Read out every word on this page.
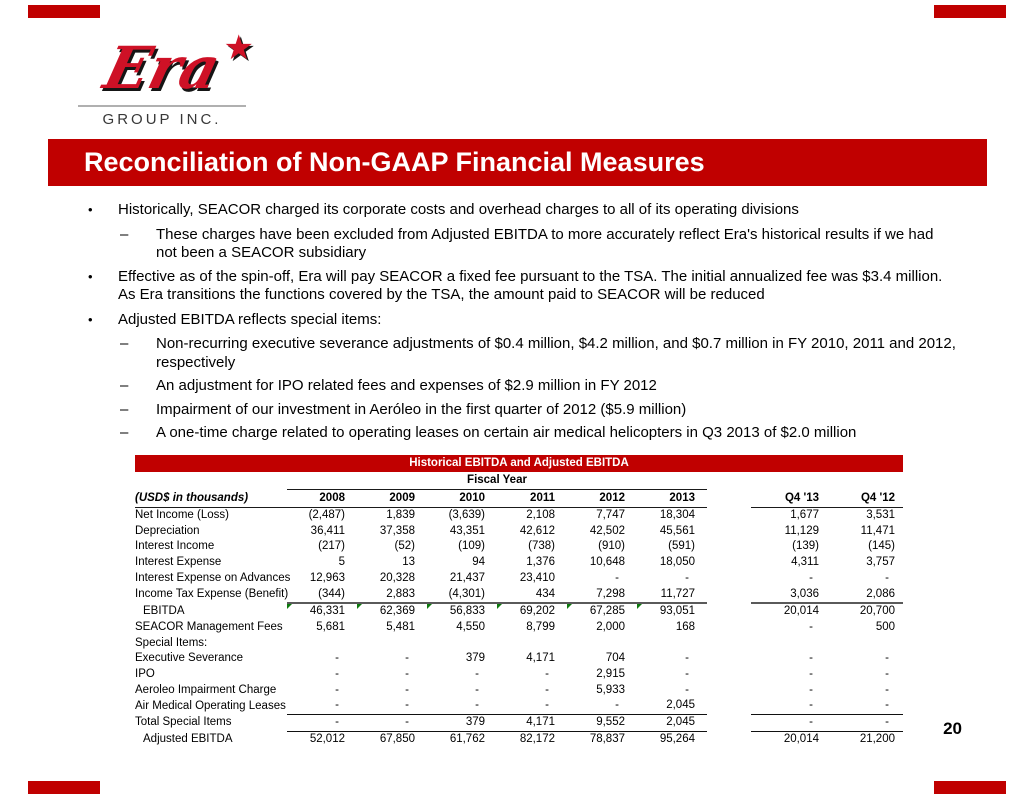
Era
★
GROUP INC.
Reconciliation of Non-GAAP Financial Measures
•	Historically, SEACOR charged its corporate costs and overhead charges to all of its operating divisions
–	These charges have been excluded from Adjusted EBITDA to more accurately reflect Era's historical results if we had not been a SEACOR subsidiary
•	Effective as of the spin-off, Era will pay SEACOR a fixed fee pursuant to the TSA. The initial annualized fee was $3.4 million. As Era transitions the functions covered by the TSA, the amount paid to SEACOR will be reduced
•	Adjusted EBITDA reflects special items:
–	Non-recurring executive severance adjustments of $0.4 million, $4.2 million, and $0.7 million in FY 2010, 2011 and 2012, respectively
–	An adjustment for IPO related fees and expenses of $2.9 million in FY 2012
–	Impairment of our investment in Aeróleo in the first quarter of 2012 ($5.9 million)
–	A one-time charge related to operating leases on certain air medical helicopters in Q3 2013 of $2.0 million
Historical EBITDA and Adjusted EBITDA
	Fiscal Year								
(USD$ in thousands)	2008	2009	2010	2011	2012	2013		Q4 '13	Q4 '12
Net Income (Loss)	(2,487)	1,839	(3,639)	2,108	7,747	18,304		1,677	3,531
Depreciation	36,411	37,358	43,351	42,612	42,502	45,561		11,129	11,471
Interest Income	(217)	(52)	(109)	(738)	(910)	(591)		(139)	(145)
Interest Expense	5	13	94	1,376	10,648	18,050		4,311	3,757
Interest Expense on Advances	12,963	20,328	21,437	23,410	-	-		-	-
Income Tax Expense (Benefit)	(344)	2,883	(4,301)	434	7,298	11,727		3,036	2,086
EBITDA	46,331	62,369	56,833	69,202	67,285	93,051		20,014	20,700
SEACOR Management Fees	5,681	5,481	4,550	8,799	2,000	168		-	500
Special Items:									
Executive Severance	-	-	379	4,171	704	-		-	-
IPO	-	-	-	-	2,915	-		-	-
Aeroleo Impairment Charge	-	-	-	-	5,933	-		-	-
Air Medical Operating Leases	-	-	-	-	-	2,045		-	-
Total Special Items	-	-	379	4,171	9,552	2,045		-	-
Adjusted EBITDA	52,012	67,850	61,762	82,172	78,837	95,264		20,014	21,200
20
